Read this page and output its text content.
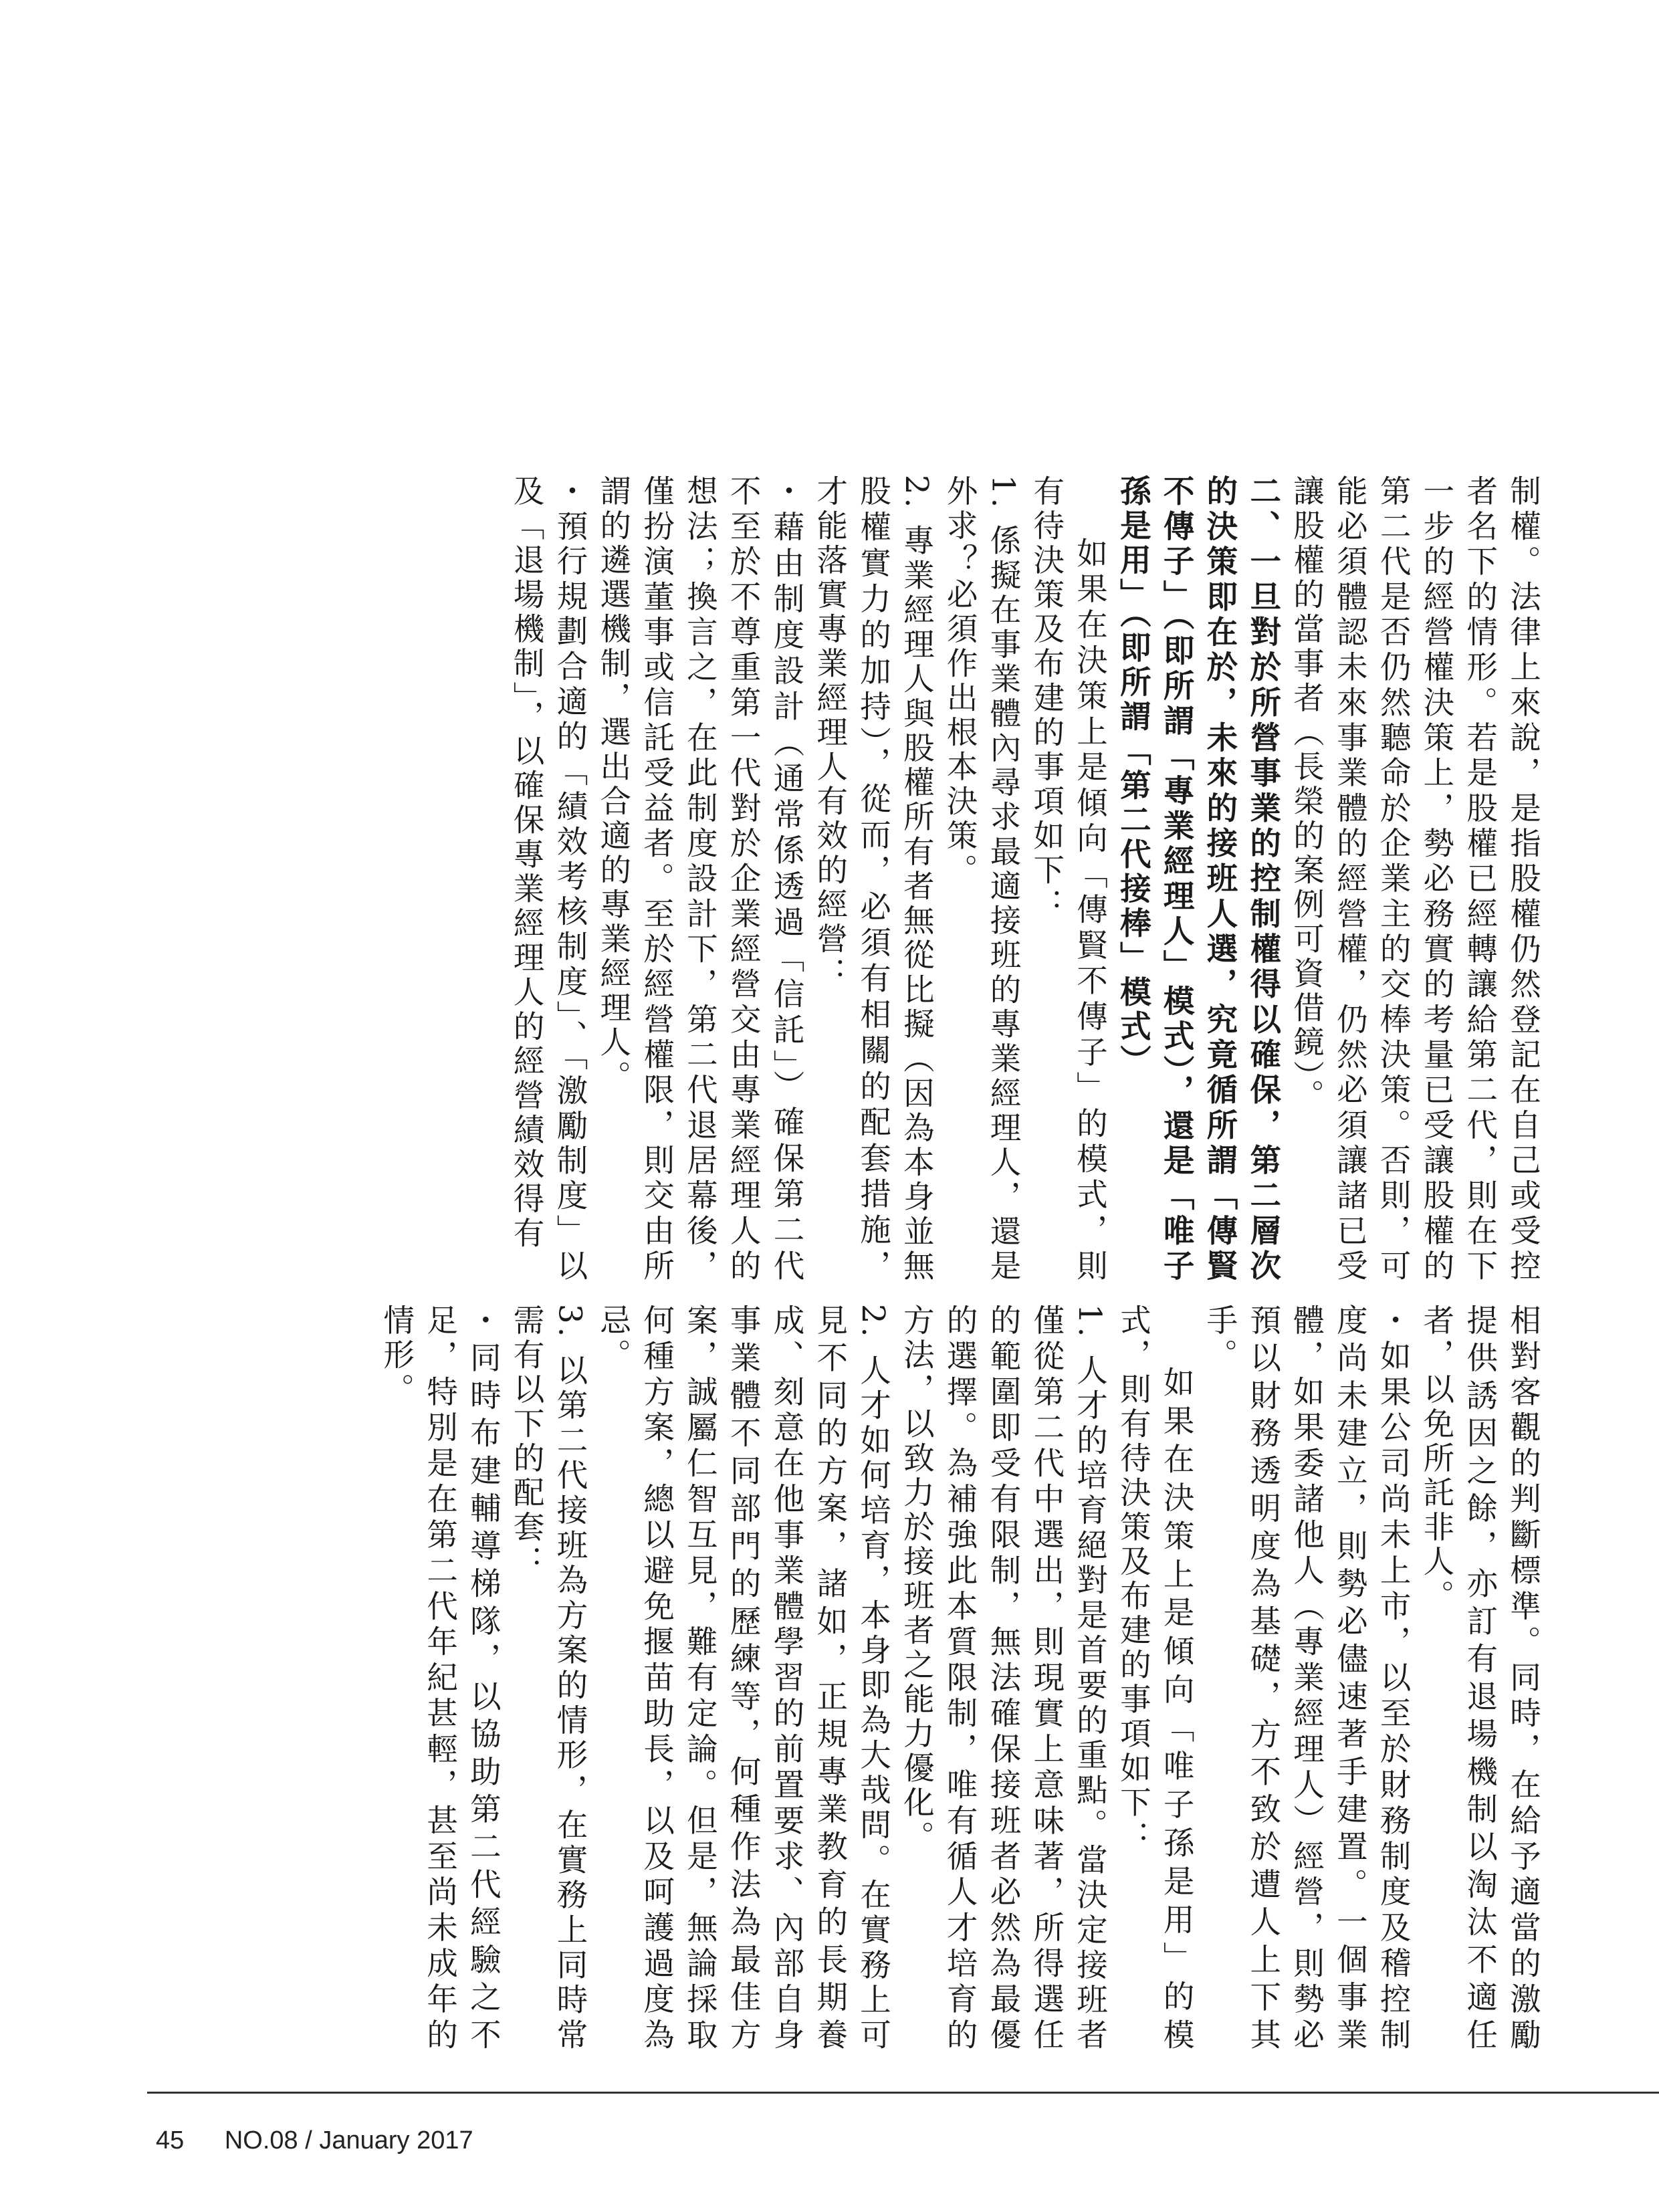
制權。法律上來說，是指股權仍然登記在自己或受控者名下的情形。若是股權已經轉讓給第二代，則在下一步的經營權決策上，勢必務實的考量已受讓股權的第二代是否仍然聽命於企業主的交棒決策。否則，可能必須體認未來事業體的經營權，仍然必須讓諸已受讓股權的當事者（長榮的案例可資借鏡）。

二、一旦對於所營事業的控制權得以確保，第二層次的決策即在於，未來的接班人選，究竟循所謂「傳賢不傳子」（即所謂「專業經理人」模式），還是「唯子孫是用」（即所謂「第二代接棒」模式）

如果在決策上是傾向「傳賢不傳子」的模式，則有待決策及布建的事項如下：

1. 係擬在事業體內尋求最適接班的專業經理人，還是外求？必須作出根本決策。

2. 專業經理人與股權所有者無從比擬（因為本身並無股權實力的加持），從而，必須有相關的配套措施，才能落實專業經理人有效的經營：

・藉由制度設計（通常係透過「信託」）確保第二代不至於不尊重第一代對於企業經營交由專業經理人的想法；換言之，在此制度設計下，第二代退居幕後，僅扮演董事或信託受益者。至於經營權限，則交由所謂的遴選機制，選出合適的專業經理人。

・預行規劃合適的「績效考核制度」、「激勵制度」以及「退場機制」，以確保專業經理人的經營績效得有

相對客觀的判斷標準。同時，在給予適當的激勵提供誘因之餘，亦訂有退場機制以淘汰不適任者，以免所託非人。

・如果公司尚未上市，以至於財務制度及稽控制度尚未建立，則勢必儘速著手建置。一個事業體，如果委諸他人（專業經理人）經營，則勢必預以財務透明度為基礎，方不致於遭人上下其手。

如果在決策上是傾向「唯子孫是用」的模式，則有待決策及布建的事項如下：

1. 人才的培育絕對是首要的重點。當決定接班者僅從第二代中選出，則現實上意味著，所得選任的範圍即受有限制，無法確保接班者必然為最優的選擇。為補強此本質限制，唯有循人才培育的方法，以致力於接班者之能力優化。

2. 人才如何培育，本身即為大哉問。在實務上可見不同的方案，諸如，正規專業教育的長期養成、刻意在他事業體學習的前置要求、內部自身事業體不同部門的歷練等，何種作法為最佳方案，誠屬仁智互見，難有定論。但是，無論採取何種方案，總以避免揠苗助長，以及呵護過度為忌。

3. 以第二代接班為方案的情形，在實務上同時常需有以下的配套：

・同時布建輔導梯隊，以協助第二代經驗之不足，特別是在第二代年紀甚輕，甚至尚未成年的情形。

45 NO.08 / January 2017
